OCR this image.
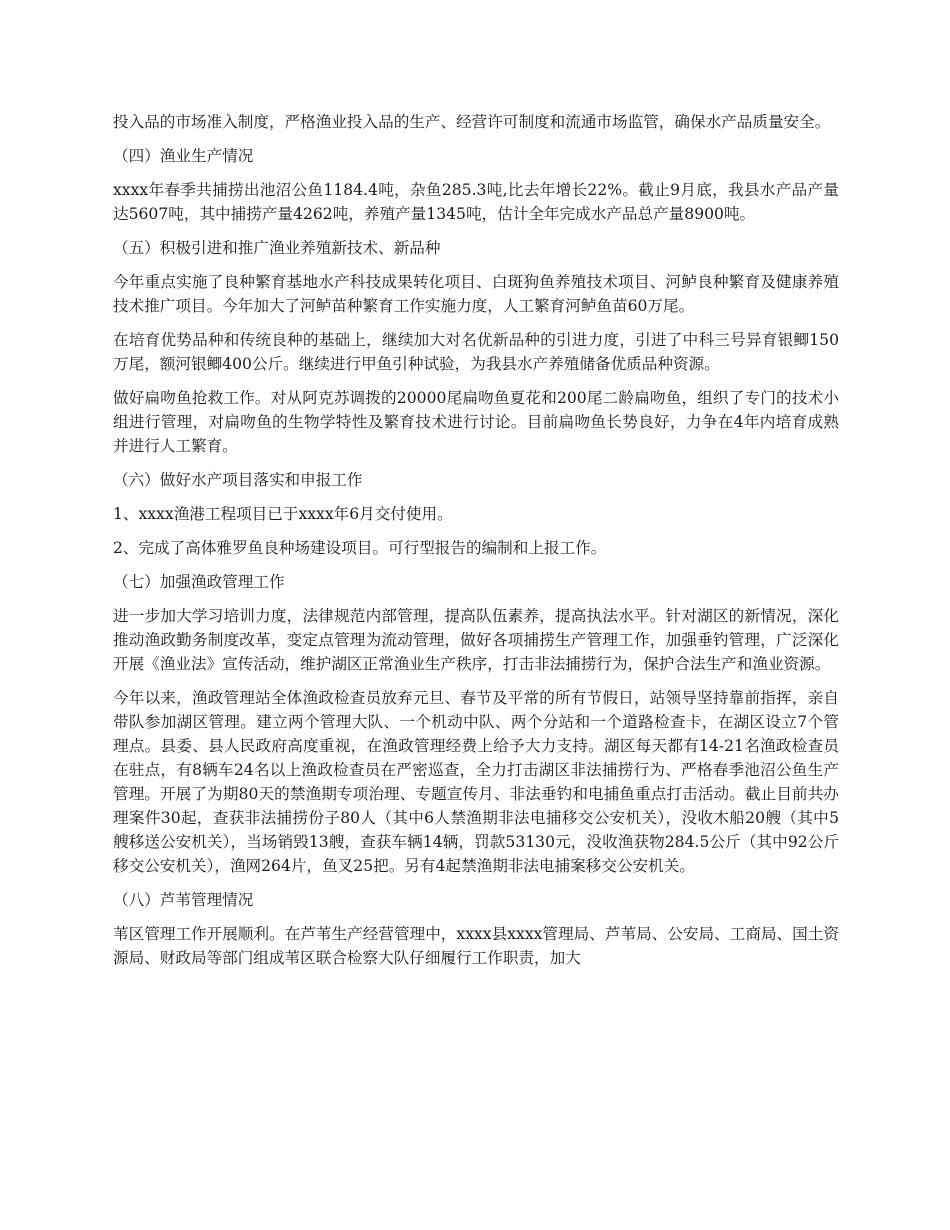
投入品的市场准入制度，严格渔业投入品的生产、经营许可制度和流通市场监管，确保水产品质量安全。

（四）渔业生产情况

xxxx年春季共捕捞出池沼公鱼1184.4吨，杂鱼285.3吨,比去年增长22%。截止9月底，我县水产品产量达5607吨，其中捕捞产量4262吨，养殖产量1345吨，估计全年完成水产品总产量8900吨。

（五）积极引进和推广渔业养殖新技术、新品种

今年重点实施了良种繁育基地水产科技成果转化项目、白斑狗鱼养殖技术项目、河鲈良种繁育及健康养殖技术推广项目。今年加大了河鲈苗种繁育工作实施力度，人工繁育河鲈鱼苗60万尾。

在培育优势品种和传统良种的基础上，继续加大对名优新品种的引进力度，引进了中科三号异育银鲫150万尾，额河银鲫400公斤。继续进行甲鱼引种试验，为我县水产养殖储备优质品种资源。

做好扁吻鱼抢救工作。对从阿克苏调拨的20000尾扁吻鱼夏花和200尾二龄扁吻鱼，组织了专门的技术小组进行管理，对扁吻鱼的生物学特性及繁育技术进行讨论。目前扁吻鱼长势良好，力争在4年内培育成熟并进行人工繁育。

（六）做好水产项目落实和申报工作

1、xxxx渔港工程项目已于xxxx年6月交付使用。

2、完成了高体雅罗鱼良种场建设项目。可行型报告的编制和上报工作。

（七）加强渔政管理工作

进一步加大学习培训力度，法律规范内部管理，提高队伍素养，提高执法水平。针对湖区的新情况，深化推动渔政勤务制度改革，变定点管理为流动管理，做好各项捕捞生产管理工作，加强垂钓管理，广泛深化开展《渔业法》宣传活动，维护湖区正常渔业生产秩序，打击非法捕捞行为，保护合法生产和渔业资源。

今年以来，渔政管理站全体渔政检查员放弃元旦、春节及平常的所有节假日，站领导坚持靠前指挥，亲自带队参加湖区管理。建立两个管理大队、一个机动中队、两个分站和一个道路检查卡，在湖区设立7个管理点。县委、县人民政府高度重视，在渔政管理经费上给予大力支持。湖区每天都有14-21名渔政检查员在驻点，有8辆车24名以上渔政检查员在严密巡查，全力打击湖区非法捕捞行为、严格春季池沼公鱼生产管理。开展了为期80天的禁渔期专项治理、专题宣传月、非法垂钓和电捕鱼重点打击活动。截止目前共办理案件30起，查获非法捕捞份子80人（其中6人禁渔期非法电捕移交公安机关），没收木船20艘（其中5艘移送公安机关），当场销毁13艘，查获车辆14辆，罚款53130元，没收渔获物284.5公斤（其中92公斤移交公安机关），渔网264片，鱼叉25把。另有4起禁渔期非法电捕案移交公安机关。

（八）芦苇管理情况

苇区管理工作开展顺利。在芦苇生产经营管理中，xxxx县xxxx管理局、芦苇局、公安局、工商局、国土资源局、财政局等部门组成苇区联合检察大队仔细履行工作职责，加大
